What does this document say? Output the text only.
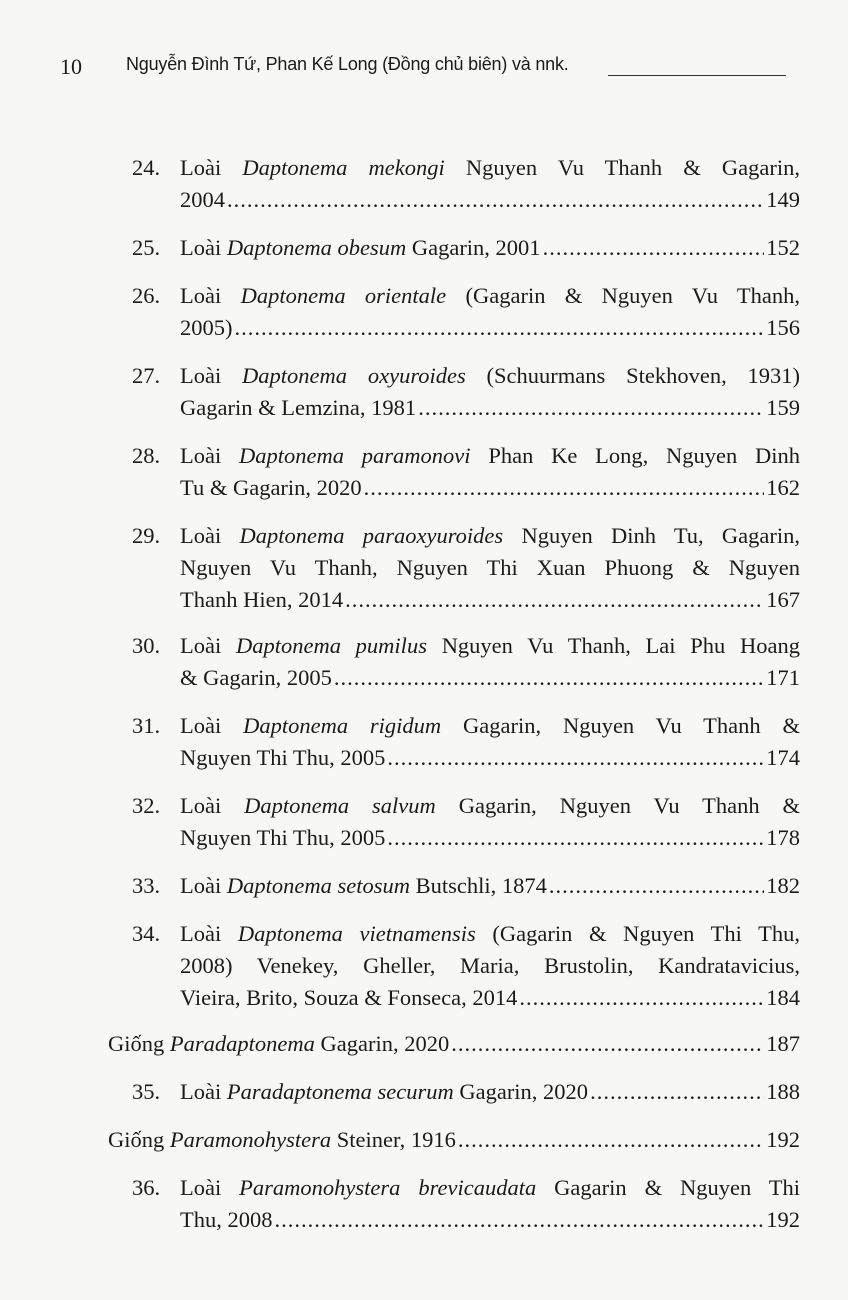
10 Nguyễn Đình Tứ, Phan Kế Long (Đồng chủ biên) và nnk.
24. Loài Daptonema mekongi Nguyen Vu Thanh & Gagarin,
2004 .....	149
25. Loài Daptonema obesum Gagarin, 2001 .....	152
26. Loài Daptonema orientale (Gagarin & Nguyen Vu Thanh,
2005) .....	156
27. Loài Daptonema oxyuroides (Schuurmans Stekhoven, 1931)
Gagarin & Lemzina, 1981 .....	159
28. Loài Daptonema paramonovi Phan Ke Long, Nguyen Dinh
Tu & Gagarin, 2020 .....	162
29. Loài Daptonema paraoxyuroides Nguyen Dinh Tu, Gagarin,
Nguyen Vu Thanh, Nguyen Thi Xuan Phuong & Nguyen
Thanh Hien, 2014 .....	167
30. Loài Daptonema pumilus Nguyen Vu Thanh, Lai Phu Hoang
& Gagarin, 2005 .....	171
31. Loài Daptonema rigidum Gagarin, Nguyen Vu Thanh &
Nguyen Thi Thu, 2005 .....	174
32. Loài Daptonema salvum Gagarin, Nguyen Vu Thanh &
Nguyen Thi Thu, 2005 .....	178
33. Loài Daptonema setosum Butschli, 1874 .....	182
34. Loài Daptonema vietnamensis (Gagarin & Nguyen Thi Thu,
2008) Venekey, Gheller, Maria, Brustolin, Kandratavicius,
Vieira, Brito, Souza & Fonseca, 2014 .....	184
Giống Paradaptonema Gagarin, 2020 .....	187
35. Loài Paradaptonema securum Gagarin, 2020 .....	188
Giống Paramonohystera Steiner, 1916 .....	192
36. Loài Paramonohystera brevicaudata Gagarin & Nguyen Thi
Thu, 2008 .....	192
